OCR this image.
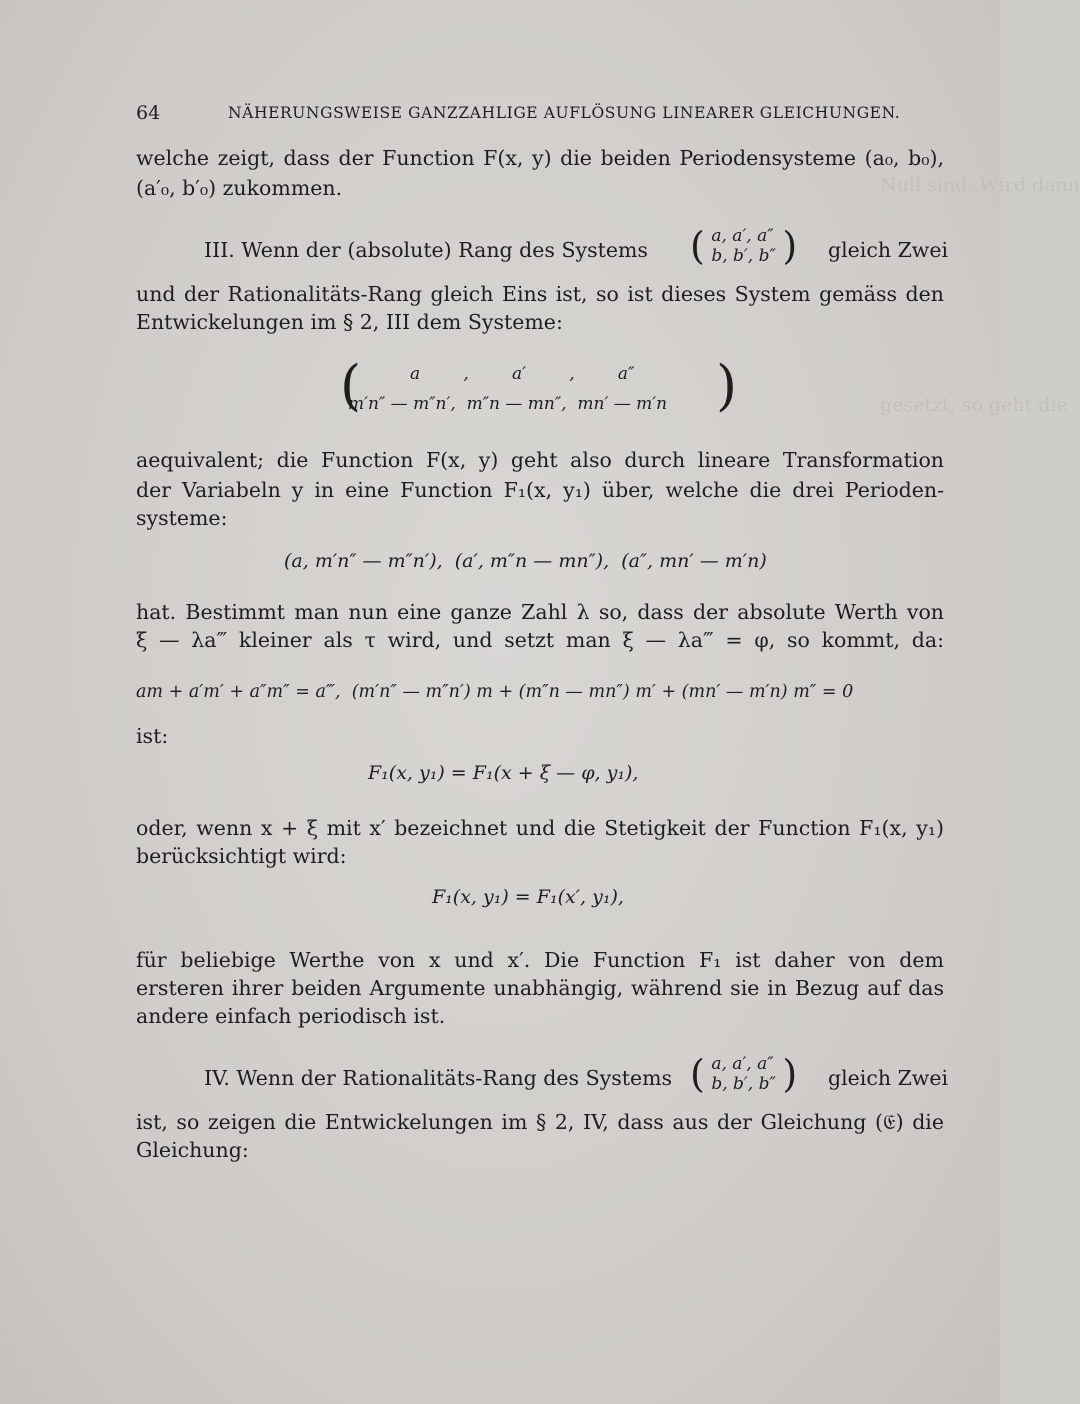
Null sind. Wird dann
gesetzt, so geht die
64	NÄHERUNGSWEISE GANZZAHLIGE AUFLÖSUNG LINEARER GLEICHUNGEN.
welche zeigt, dass der Function F(x, y) die beiden Periodensysteme (a₀, b₀),
(a′₀, b′₀) zukommen.
III. Wenn der (absolute) Rang des Systems ( a, a′, a″
b, b′, b″ ) gleich Zwei
und der Rationalitäts-Rang gleich Eins ist, so ist dieses System gemäss den
Entwickelungen im § 2, III dem Systeme:
(	a        ,        a′        ,        a″
m′n″ — m″n′,  m″n — mn″,  mn′ — m′n )
aequivalent; die Function F(x, y) geht also durch lineare Transformation
der Variabeln y in eine Function F₁(x, y₁) über, welche die drei Perioden-
systeme:
(a, m′n″ — m″n′),  (a′, m″n — mn″),  (a″, mn′ — m′n)
hat. Bestimmt man nun eine ganze Zahl λ so, dass der absolute Werth von
ξ — λa‴ kleiner als τ wird, und setzt man ξ — λa‴ = φ, so kommt, da:
am + a′m′ + a″m″ = a‴,  (m′n″ — m″n′) m + (m″n — mn″) m′ + (mn′ — m′n) m″ = 0
ist:
F₁(x, y₁) = F₁(x + ξ — φ, y₁),
oder, wenn x + ξ mit x′ bezeichnet und die Stetigkeit der Function F₁(x, y₁)
berücksichtigt wird:
F₁(x, y₁) = F₁(x′, y₁),
für beliebige Werthe von x und x′. Die Function F₁ ist daher von dem
ersteren ihrer beiden Argumente unabhängig, während sie in Bezug auf das
andere einfach periodisch ist.
IV. Wenn der Rationalitäts-Rang des Systems ( a, a′, a″
b, b′, b″ ) gleich Zwei
ist, so zeigen die Entwickelungen im § 2, IV, dass aus der Gleichung (𝔈) die
Gleichung:
